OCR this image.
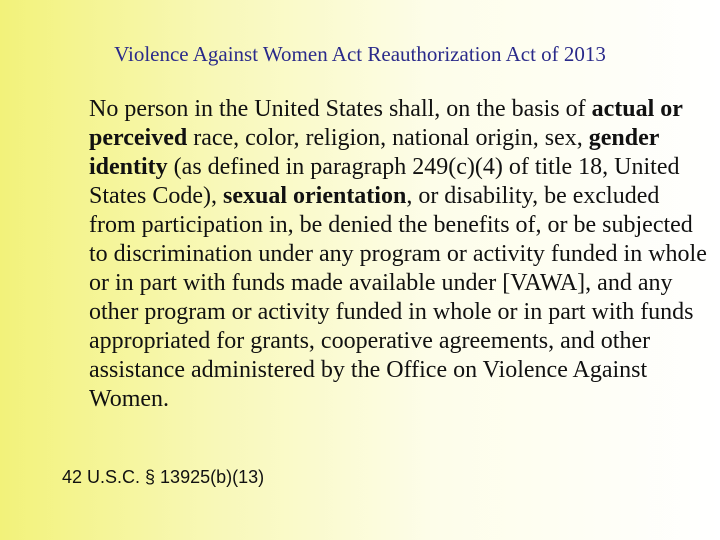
Violence Against Women Act Reauthorization Act of 2013

No person in the United States shall, on the basis of actual or perceived race, color, religion, national origin, sex, gender identity (as defined in paragraph 249(c)(4) of title 18, United States Code), sexual orientation, or disability, be excluded from participation in, be denied the benefits of, or be subjected to discrimination under any program or activity funded in whole or in part with funds made available under [VAWA], and any other program or activity funded in whole or in part with funds appropriated for grants, cooperative agreements, and other assistance administered by the Office on Violence Against Women.

42 U.S.C. § 13925(b)(13)
